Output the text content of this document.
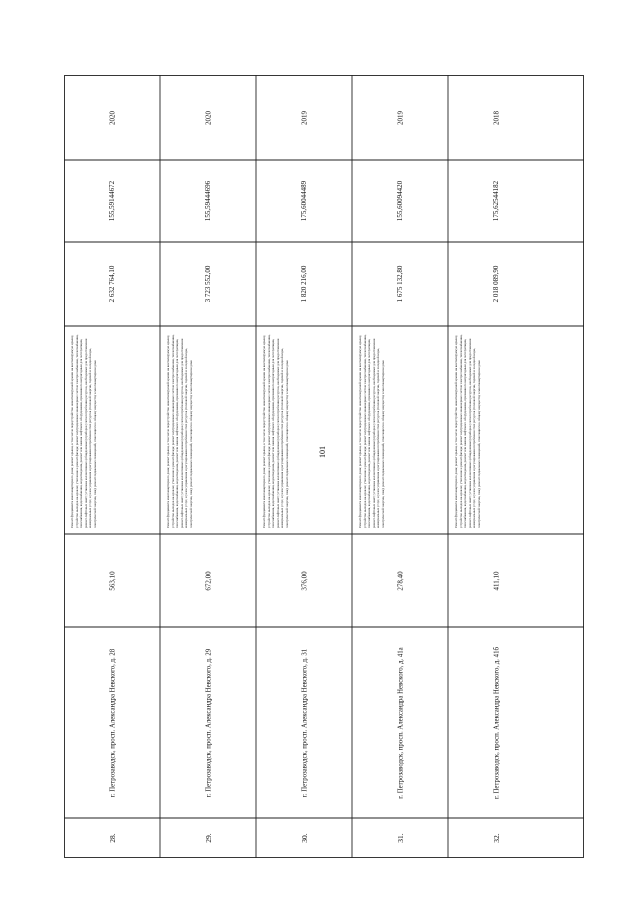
101
2020
155,59144672
2 632 764,10
Ремонт фундамента многоквартирного дома; ремонт крыши, в том числе переустройство невентилируемой крыши на вентилируемую крышу, устройство выходов на кровлю; утепление и ремонт фасада; ремонт внутридомовых инженерных систем электроснабжения, теплоснабжения, газоснабжения, водоснабжения, водоотведения, ремонт или замена лифтового оборудования, признанного непригодным для эксплуатации, ремонт лифтовых шахт; установка коллективных (общедомовых) приборов учета потребления ресурсов, необходимых для предоставления коммунальных услуг, и узлов управления и регулирования потребления этих ресурсов (тепловой энергии, горячей и холодной воды, электрической энергии, газа); ремонт подвальных помещений, относящихся к общему имуществу в многоквартирном доме
563,10
г. Петрозаводск, просп. Александра Невского, д. 28
28.
2020
155,59444696
3 723 552,00
Ремонт фундамента многоквартирного дома; ремонт крыши, в том числе переустройство невентилируемой крыши на вентилируемую крышу, устройство выходов на кровлю; утепление и ремонт фасада; ремонт внутридомовых инженерных систем электроснабжения, теплоснабжения, газоснабжения, водоснабжения, водоотведения, ремонт или замена лифтового оборудования, признанного непригодным для эксплуатации, ремонт лифтовых шахт; установка коллективных (общедомовых) приборов учета потребления ресурсов, необходимых для предоставления коммунальных услуг, и узлов управления и регулирования потребления этих ресурсов (тепловой энергии, горячей и холодной воды, электрической энергии, газа); ремонт подвальных помещений, относящихся к общему имуществу в многоквартирном доме
672,00
г. Петрозаводск, просп. Александра Невского, д. 29
29.
2019
175,60044489
1 820 216,00
Ремонт фундамента многоквартирного дома; ремонт крыши, в том числе переустройство невентилируемой крыши на вентилируемую крышу, устройство выходов на кровлю; утепление и ремонт фасада; ремонт внутридомовых инженерных систем электроснабжения, теплоснабжения, газоснабжения, водоснабжения, водоотведения, ремонт или замена лифтового оборудования, признанного непригодным для эксплуатации, ремонт лифтовых шахт; установка коллективных (общедомовых) приборов учета потребления ресурсов, необходимых для предоставления коммунальных услуг, и узлов управления и регулирования потребления этих ресурсов (тепловой энергии, горячей и холодной воды, электрической энергии, газа); ремонт подвальных помещений, относящихся к общему имуществу в многоквартирном доме
376,00
г. Петрозаводск, просп. Александра Невского, д. 31
30.
2019
155,60094420
1 675 132,80
Ремонт фундамента многоквартирного дома; ремонт крыши, в том числе переустройство невентилируемой крыши на вентилируемую крышу, устройство выходов на кровлю; утепление и ремонт фасада; ремонт внутридомовых инженерных систем электроснабжения, теплоснабжения, газоснабжения, водоснабжения, водоотведения, ремонт или замена лифтового оборудования, признанного непригодным для эксплуатации, ремонт лифтовых шахт; установка коллективных (общедомовых) приборов учета потребления ресурсов, необходимых для предоставления коммунальных услуг, и узлов управления и регулирования потребления этих ресурсов (тепловой энергии, горячей и холодной воды, электрической энергии, газа); ремонт подвальных помещений, относящихся к общему имуществу в многоквартирном доме
278,40
г. Петрозаводск, просп. Александра Невского, д. 41а
31.
2018
175,62544182
2 018 089,90
Ремонт фундамента многоквартирного дома; ремонт крыши, в том числе переустройство невентилируемой крыши на вентилируемую крышу, устройство выходов на кровлю; утепление и ремонт фасада; ремонт внутридомовых инженерных систем электроснабжения, теплоснабжения, газоснабжения, водоснабжения, водоотведения, ремонт или замена лифтового оборудования, признанного непригодным для эксплуатации, ремонт лифтовых шахт; установка коллективных (общедомовых) приборов учета потребления ресурсов, необходимых для предоставления коммунальных услуг, и узлов управления и регулирования потребления этих ресурсов (тепловой энергии, горячей и холодной воды, электрической энергии, газа); ремонт подвальных помещений, относящихся к общему имуществу в многоквартирном доме
411,10
г. Петрозаводск, просп. Александра Невского, д. 41б
32.
